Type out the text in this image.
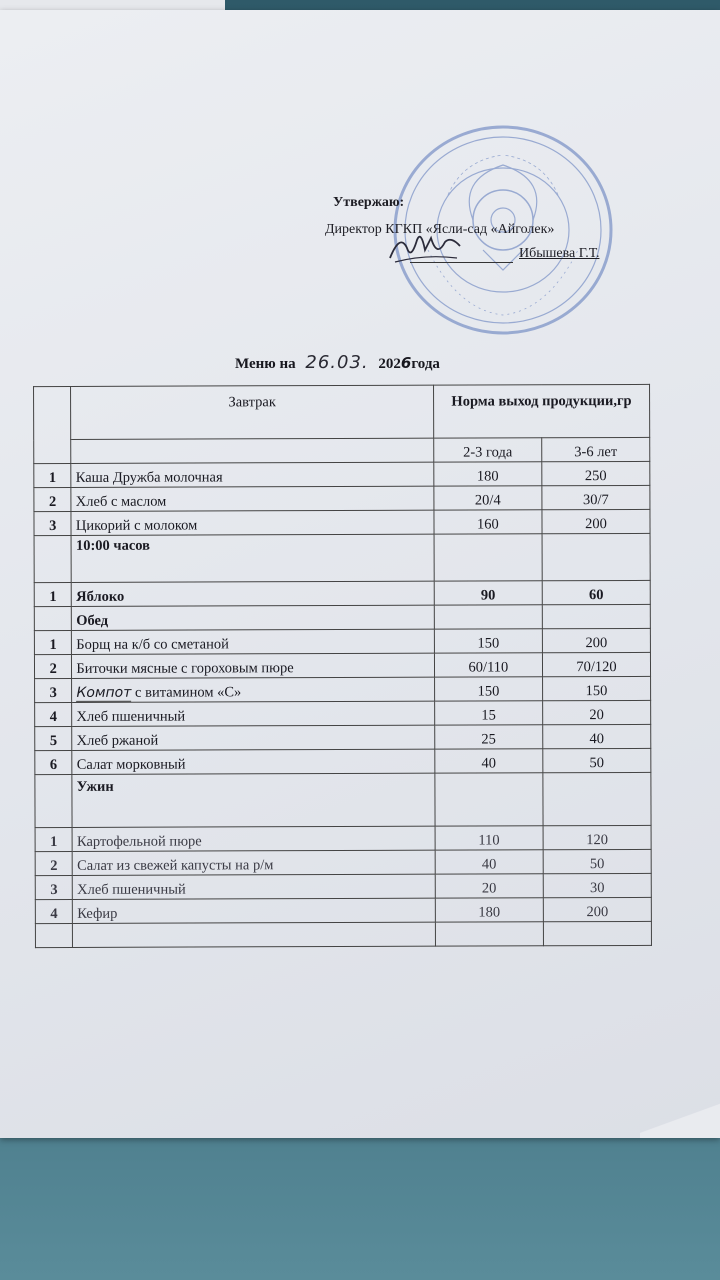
Утвержаю:
Директор КГКП «Ясли-сад «Айголек»
Ибышева Г.Т.
Меню на 26.03. 2026года
	Завтрак	Норма выход продукции,гр	
		2-3 года	3-6 лет
1	Каша Дружба молочная	180	250
2	Хлеб с маслом	20/4	30/7
3	Цикорий с молоком	160	200
	10:00 часов		
1	Яблоко	90	60
	Обед		
1	Борщ на к/б со сметаной	150	200
2	Биточки мясные с гороховым пюре	60/110	70/120
3	Компот с витамином «С»	150	150
4	Хлеб пшеничный	15	20
5	Хлеб ржаной	25	40
6	Салат морковный	40	50
	Ужин		
1	Картофельной пюре	110	120
2	Салат из свежей капусты на р/м	40	50
3	Хлеб пшеничный	20	30
4	Кефир	180	200
